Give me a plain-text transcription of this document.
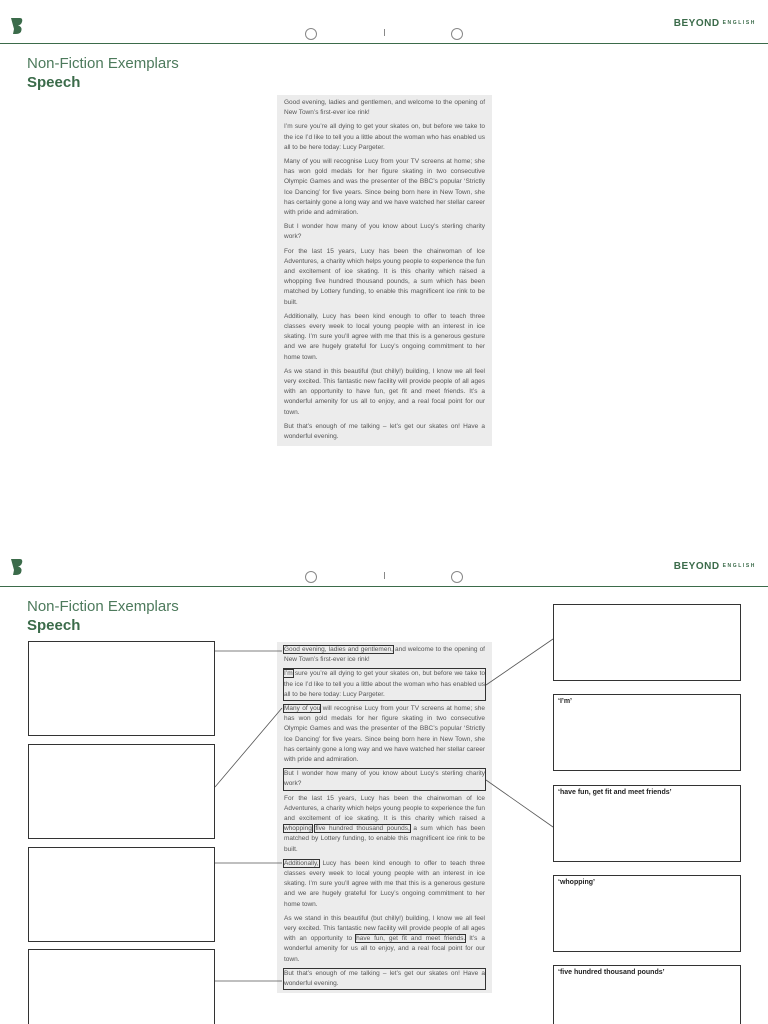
BEYOND ENGLISH
Non-Fiction Exemplars
Speech

Good evening, ladies and gentlemen, and welcome to the opening of New Town’s first-ever ice rink!

I’m sure you’re all dying to get your skates on, but before we take to the ice I’d like to tell you a little about the woman who has enabled us all to be here today: Lucy Pargeter.

Many of you will recognise Lucy from your TV screens at home; she has won gold medals for her figure skating in two consecutive Olympic Games and was the presenter of the BBC’s popular ‘Strictly Ice Dancing’ for five years. Since being born here in New Town, she has certainly gone a long way and we have watched her stellar career with pride and admiration.

But I wonder how many of you know about Lucy’s sterling charity work?

For the last 15 years, Lucy has been the chairwoman of Ice Adventures, a charity which helps young people to experience the fun and excitement of ice skating. It is this charity which raised a whopping five hundred thousand pounds, a sum which has been matched by Lottery funding, to enable this magnificent ice rink to be built.

Additionally, Lucy has been kind enough to offer to teach three classes every week to local young people with an interest in ice skating. I’m sure you’ll agree with me that this is a generous gesture and we are hugely grateful for Lucy’s ongoing commitment to her home town.

As we stand in this beautiful (but chilly!) building, I know we all feel very excited. This fantastic new facility will provide people of all ages with an opportunity to have fun, get fit and meet friends. It’s a wonderful amenity for us all to enjoy, and a real focal point for our town.

But that’s enough of me talking – let’s get our skates on! Have a wonderful evening.

BEYOND ENGLISH
Non-Fiction Exemplars
Speech
‘I’m’
‘have fun, get fit and meet friends’
‘whopping’
‘five hundred thousand pounds’

Good evening, ladies and gentlemen, and welcome to the opening of New Town’s first-ever ice rink!

I’m sure you’re all dying to get your skates on, but before we take to the ice I’d like to tell you a little about the woman who has enabled us all to be here today: Lucy Pargeter.

Many of you will recognise Lucy from your TV screens at home; she has won gold medals for her figure skating in two consecutive Olympic Games and was the presenter of the BBC’s popular ‘Strictly Ice Dancing’ for five years. Since being born here in New Town, she has certainly gone a long way and we have watched her stellar career with pride and admiration.

But I wonder how many of you know about Lucy’s sterling charity work?

For the last 15 years, Lucy has been the chairwoman of Ice Adventures, a charity which helps young people to experience the fun and excitement of ice skating. It is this charity which raised a whopping five hundred thousand pounds, a sum which has been matched by Lottery funding, to enable this magnificent ice rink to be built.

Additionally, Lucy has been kind enough to offer to teach three classes every week to local young people with an interest in ice skating. I’m sure you’ll agree with me that this is a generous gesture and we are hugely grateful for Lucy’s ongoing commitment to her home town.

As we stand in this beautiful (but chilly!) building, I know we all feel very excited. This fantastic new facility will provide people of all ages with an opportunity to have fun, get fit and meet friends. It’s a wonderful amenity for us all to enjoy, and a real focal point for our town.

But that’s enough of me talking – let’s get our skates on! Have a wonderful evening.
